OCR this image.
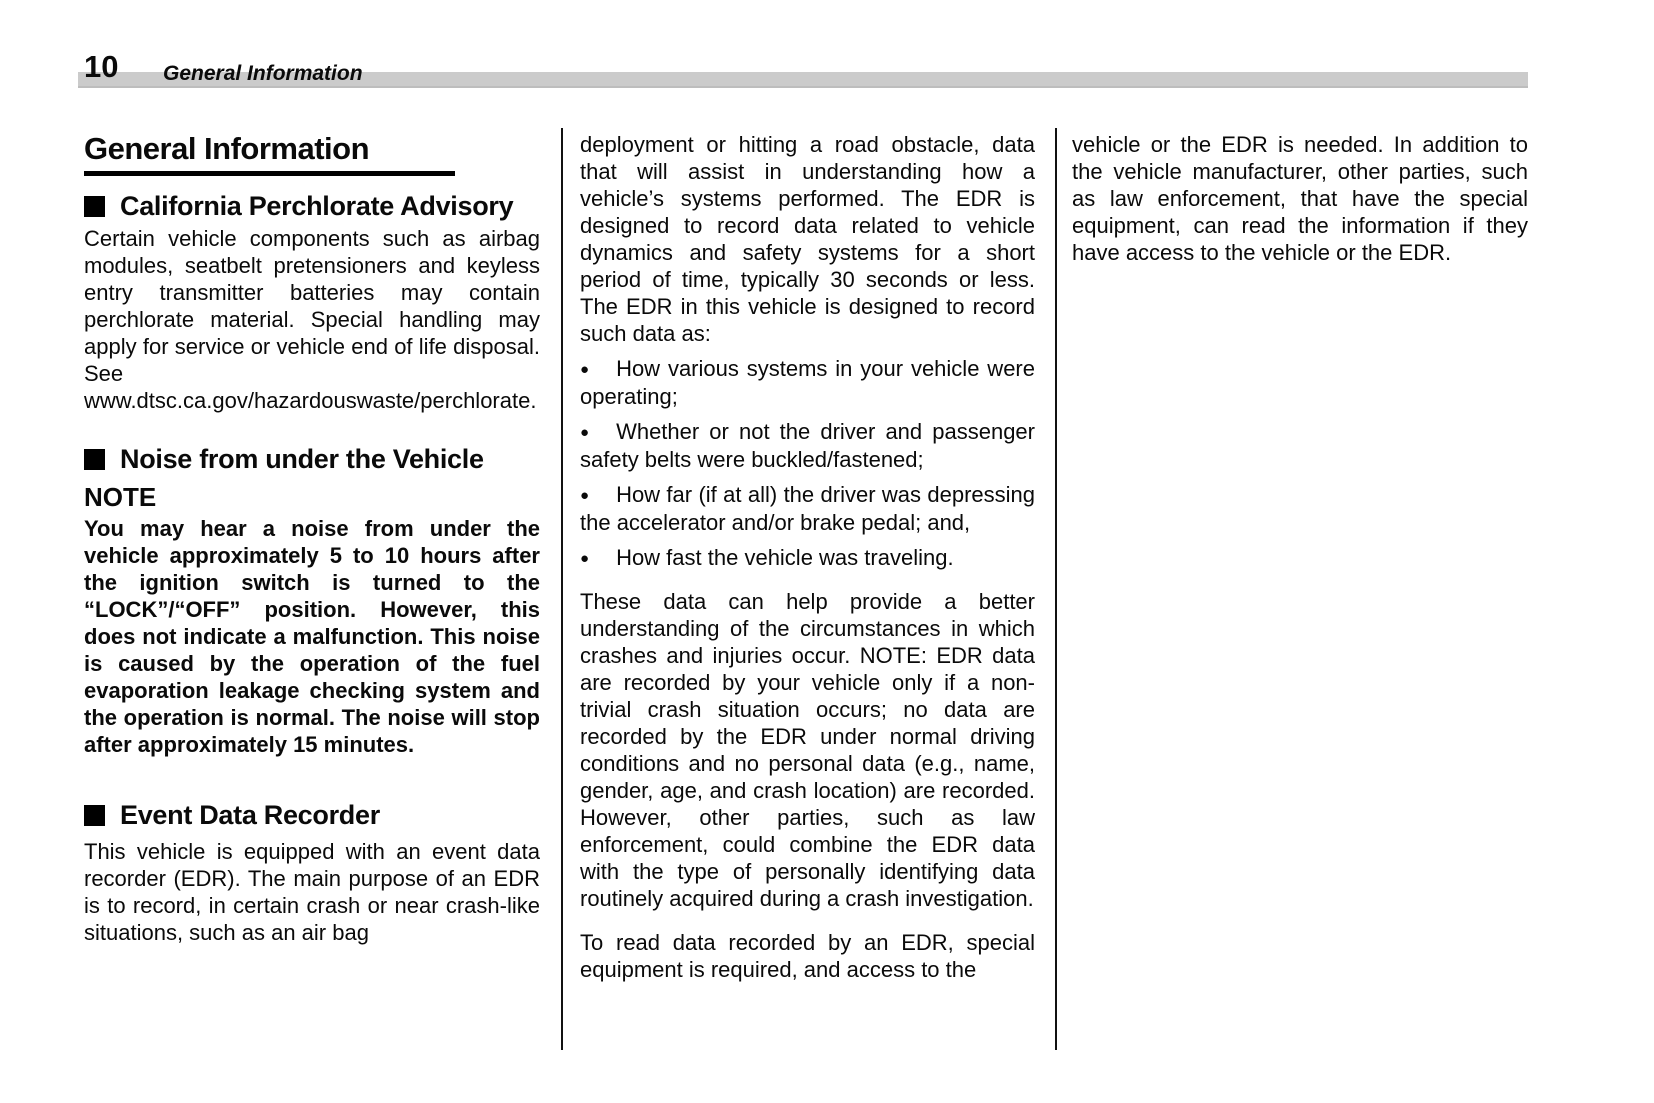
10 General Information
General Information
California Perchlorate Advisory

Certain vehicle components such as airbag modules, seatbelt pretensioners and keyless entry transmitter batteries may contain perchlorate material. Special handling may apply for service or vehicle end of life disposal. See www.dtsc.ca.gov/hazardouswaste/perchlorate.

Noise from under the Vehicle
NOTE

You may hear a noise from under the vehicle approximately 5 to 10 hours after the ignition switch is turned to the “LOCK”/“OFF” position. However, this does not indicate a malfunction. This noise is caused by the operation of the fuel evaporation leakage checking system and the operation is normal. The noise will stop after approximately 15 minutes.

Event Data Recorder

This vehicle is equipped with an event data recorder (EDR). The main purpose of an EDR is to record, in certain crash or near crash-like situations, such as an air bag

deployment or hitting a road obstacle, data that will assist in understanding how a vehicle’s systems performed. The EDR is designed to record data related to vehicle dynamics and safety systems for a short period of time, typically 30 seconds or less. The EDR in this vehicle is designed to record such data as:

● How various systems in your vehicle were operating;
● Whether or not the driver and passenger safety belts were buckled/fastened;
● How far (if at all) the driver was depressing the accelerator and/or brake pedal; and,
● How fast the vehicle was traveling.

These data can help provide a better understanding of the circumstances in which crashes and injuries occur. NOTE: EDR data are recorded by your vehicle only if a non-trivial crash situation occurs; no data are recorded by the EDR under normal driving conditions and no personal data (e.g., name, gender, age, and crash location) are recorded. However, other parties, such as law enforcement, could combine the EDR data with the type of personally identifying data routinely acquired during a crash investigation.

To read data recorded by an EDR, special equipment is required, and access to the

vehicle or the EDR is needed. In addition to the vehicle manufacturer, other parties, such as law enforcement, that have the special equipment, can read the information if they have access to the vehicle or the EDR.
